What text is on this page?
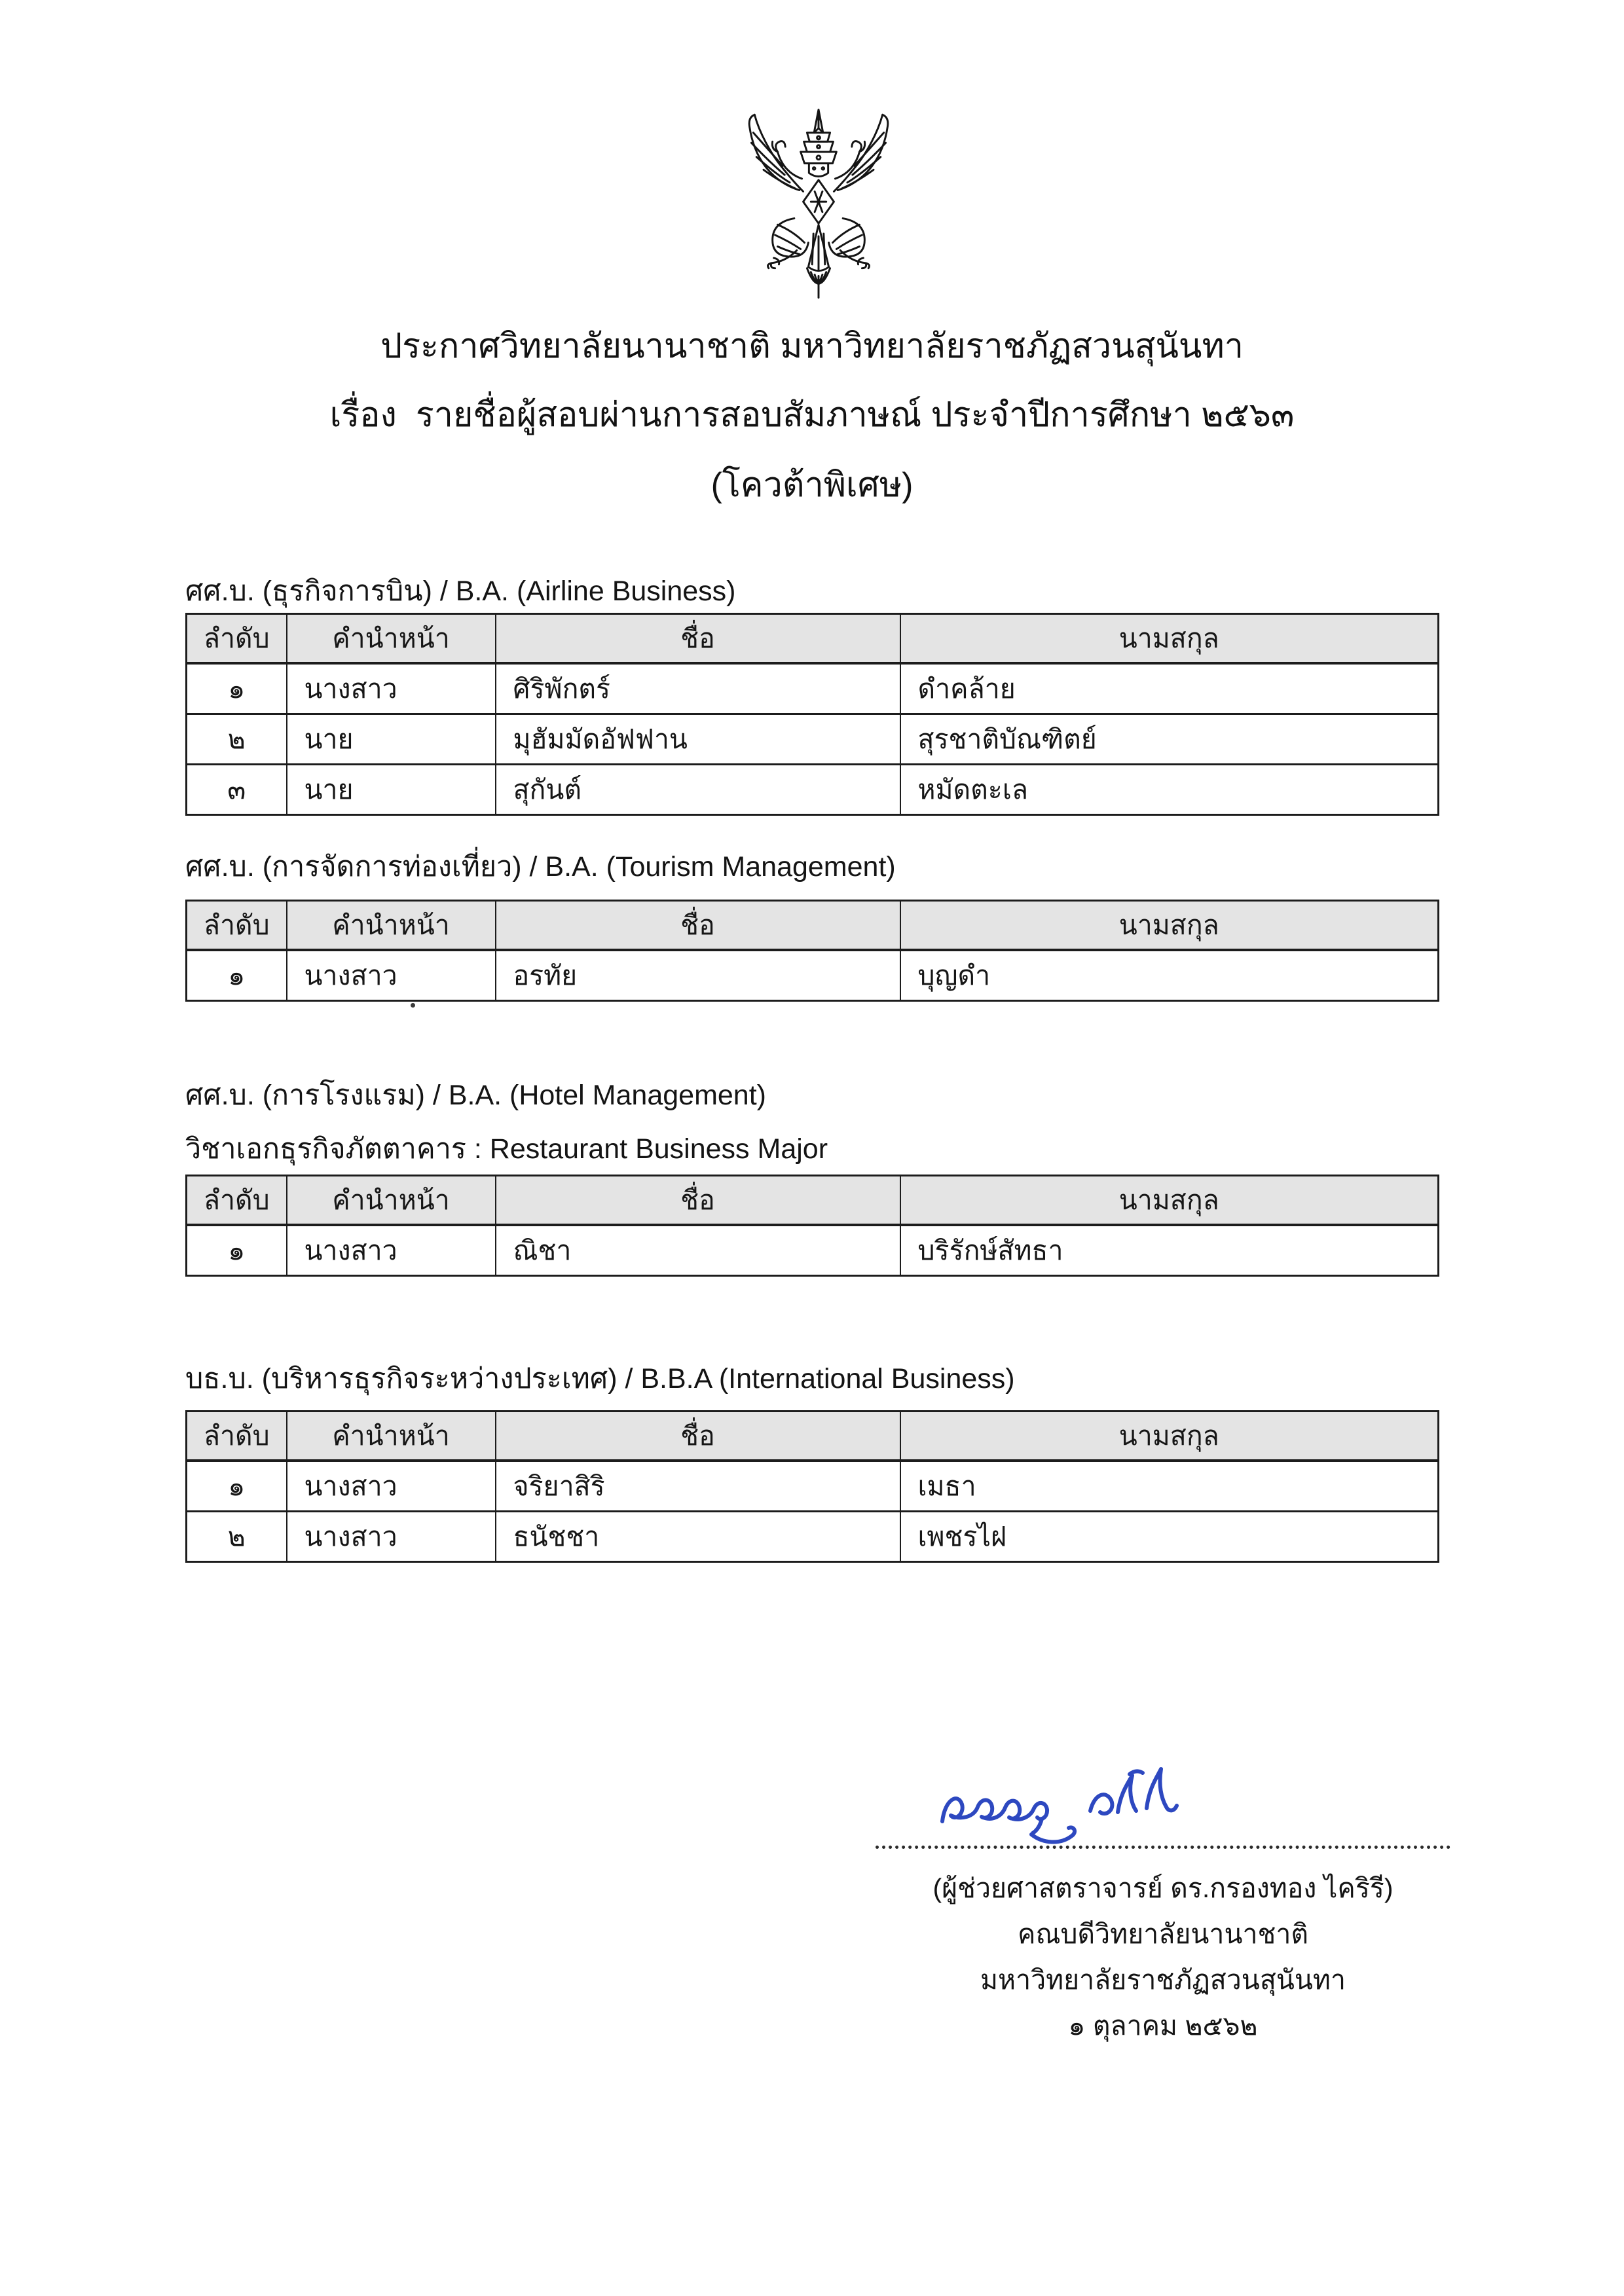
ประกาศวิทยาลัยนานาชาติ มหาวิทยาลัยราชภัฏสวนสุนันทา
เรื่อง  รายชื่อผู้สอบผ่านการสอบสัมภาษณ์ ประจำปีการศึกษา ๒๕๖๓
(โควต้าพิเศษ)
ศศ.บ. (ธุรกิจการบิน) / B.A. (Airline Business)
ลำดับ	คำนำหน้า	ชื่อ	นามสกุล
๑	นางสาว	ศิริพักตร์	ดำคล้าย
๒	นาย	มุฮัมมัดอัฟฟาน	สุรชาติบัณฑิตย์
๓	นาย	สุกันต์	หมัดตะเล
ศศ.บ. (การจัดการท่องเที่ยว) / B.A. (Tourism Management)
ลำดับ	คำนำหน้า	ชื่อ	นามสกุล
๑	นางสาว	อรทัย	บุญดำ
ศศ.บ. (การโรงแรม) / B.A. (Hotel Management)
วิชาเอกธุรกิจภัตตาคาร : Restaurant Business Major
ลำดับ	คำนำหน้า	ชื่อ	นามสกุล
๑	นางสาว	ณิชา	บริรักษ์สัทธา
บธ.บ. (บริหารธุรกิจระหว่างประเทศ) / B.B.A (International Business)
ลำดับ	คำนำหน้า	ชื่อ	นามสกุล
๑	นางสาว	จริยาสิริ	เมธา
๒	นางสาว	ธนัชชา	เพชรไฝ
(ผู้ช่วยศาสตราจารย์ ดร.กรองทอง ไคริรี)
คณบดีวิทยาลัยนานาชาติ
มหาวิทยาลัยราชภัฏสวนสุนันทา
๑ ตุลาคม ๒๕๖๒
